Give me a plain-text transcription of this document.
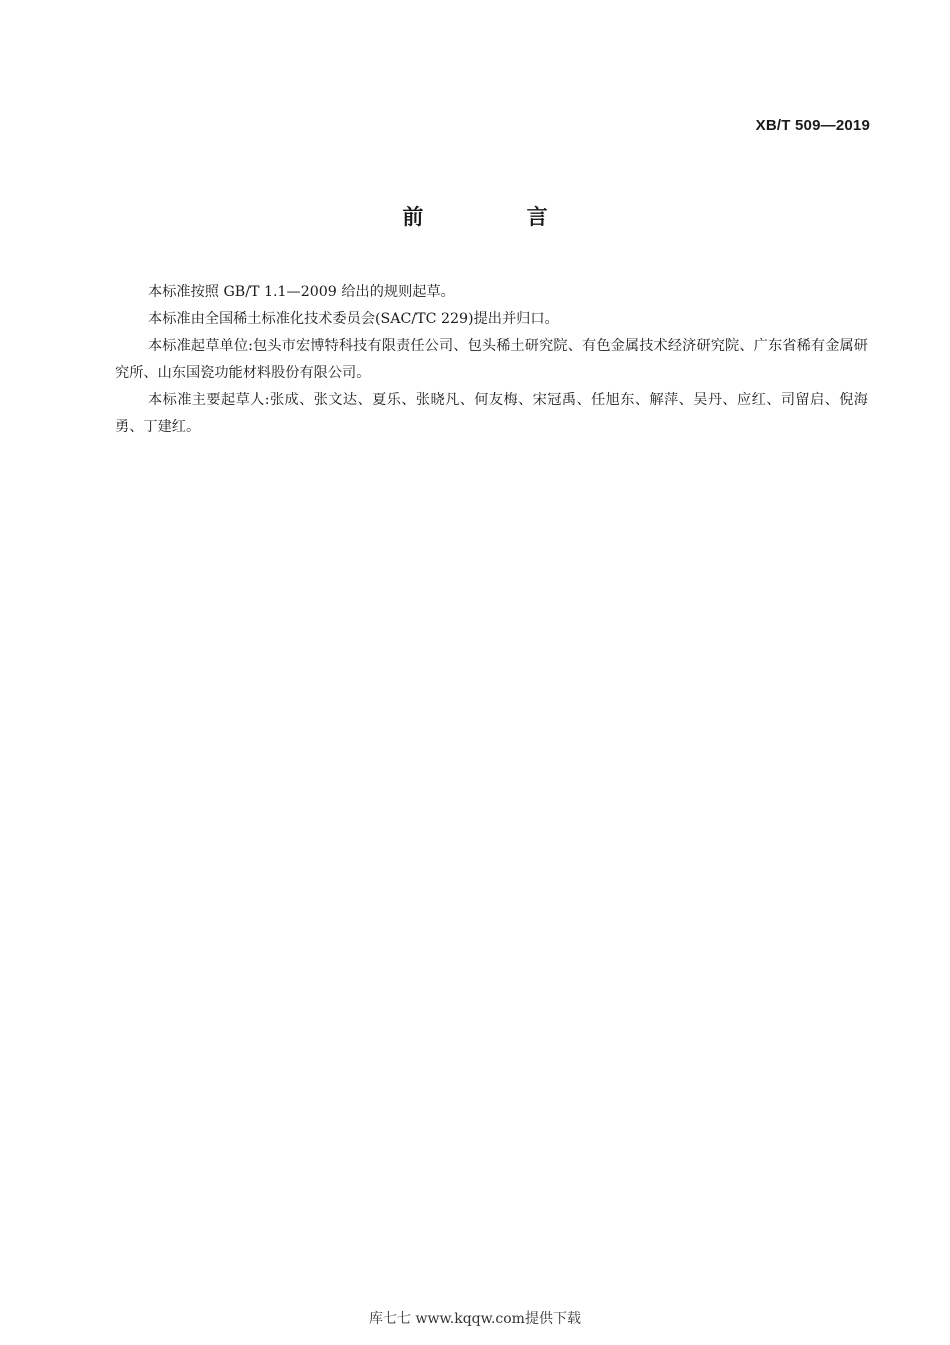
XB/T 509—2019
前 言

本标准按照 GB/T 1.1—2009 给出的规则起草。

本标准由全国稀土标准化技术委员会(SAC/TC 229)提出并归口。

本标准起草单位:包头市宏博特科技有限责任公司、包头稀土研究院、有色金属技术经济研究院、广东省稀有金属研究所、山东国瓷功能材料股份有限公司。

本标准主要起草人:张成、张文达、夏乐、张晓凡、何友梅、宋冠禹、任旭东、解萍、吴丹、应红、司留启、倪海勇、丁建红。

库七七 www.kqqw.com提供下载
